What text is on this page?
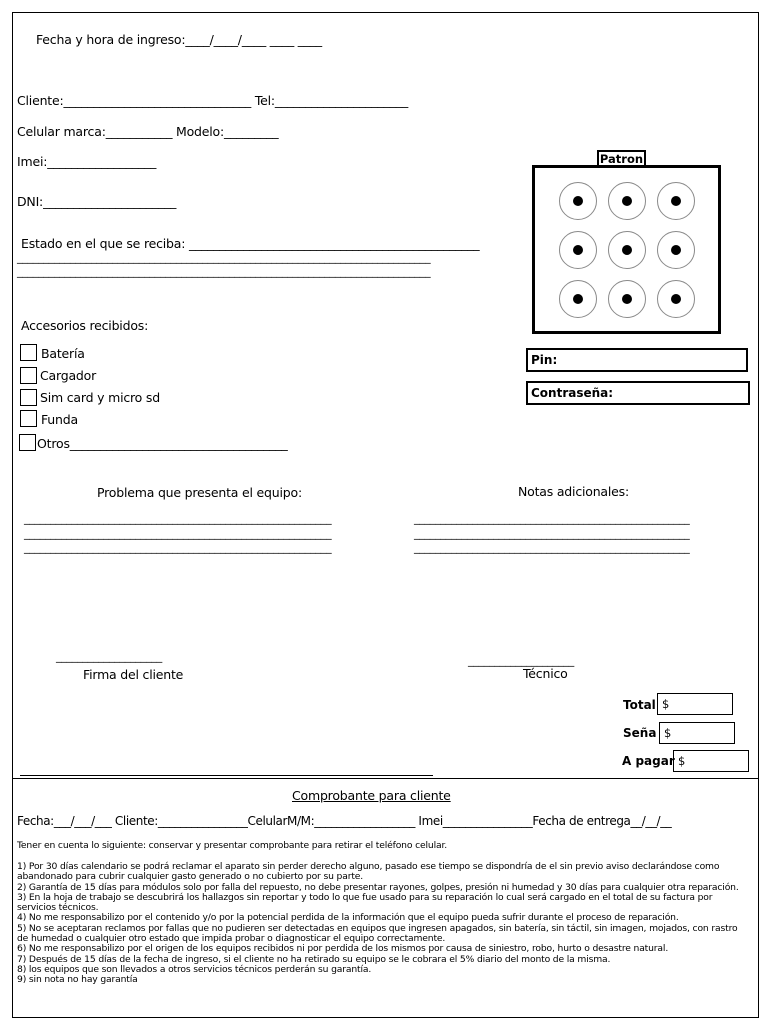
Fecha y hora de ingreso:____/____/____ ____ ____
Cliente:_______________________________ Tel:______________________
Celular marca:___________ Modelo:_________
Imei:__________________
DNI:______________________
Estado en el que se reciba: ________________________________________________
______________________________________________________________________________
______________________________________________________________________________
Patron
Pin:
Contraseña:
Accesorios recibidos:
Batería
Cargador
Sim card y micro sd
Funda
Otros____________________________________
Problema que presenta el equipo:
__________________________________________________________
__________________________________________________________
__________________________________________________________
Notas adicionales:
____________________________________________________
____________________________________________________
____________________________________________________
____________________
Firma del cliente
____________________
Técnico
Total $
Seña $
A pagar $
Comprobante para cliente
Fecha:___/___/___ Cliente:________________CelularM/M:__________________ Imei________________Fecha de entrega__/__/__
Tener en cuenta lo siguiente: conservar y presentar comprobante para retirar el teléfono celular.
1) Por 30 días calendario se podrá reclamar el aparato sin perder derecho alguno, pasado ese tiempo se dispondría de el sin previo aviso declarándose como
abandonado para cubrir cualquier gasto generado o no cubierto por su parte.
2) Garantía de 15 días para módulos solo por falla del repuesto, no debe presentar rayones, golpes, presión ni humedad y 30 días para cualquier otra reparación.
3) En la hoja de trabajo se descubrirá los hallazgos sin reportar y todo lo que fue usado para su reparación lo cual será cargado en el total de su factura por
servicios técnicos.
4) No me responsabilizo por el contenido y/o por la potencial perdida de la información que el equipo pueda sufrir durante el proceso de reparación.
5) No se aceptaran reclamos por fallas que no pudieren ser detectadas en equipos que ingresen apagados, sin batería, sin táctil, sin imagen, mojados, con rastro
de humedad o cualquier otro estado que impida probar o diagnosticar el equipo correctamente.
6) No me responsabilizo por el origen de los equipos recibidos ni por perdida de los mismos por causa de siniestro, robo, hurto o desastre natural.
7) Después de 15 días de la fecha de ingreso, si el cliente no ha retirado su equipo se le cobrara el 5% diario del monto de la misma.
8) los equipos que son llevados a otros servicios técnicos perderán su garantía.
9) sin nota no hay garantía
